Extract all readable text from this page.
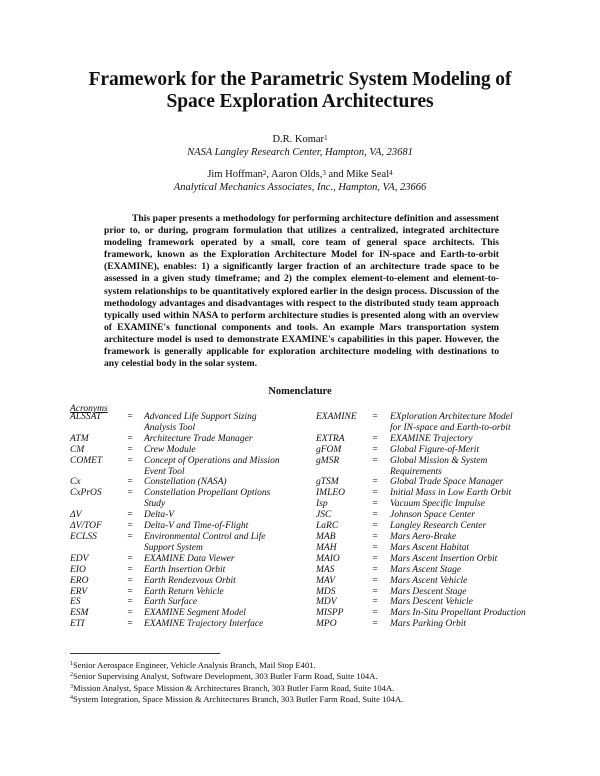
Framework for the Parametric System Modeling of
Space Exploration Architectures
D.R. Komar$^1$
NASA Langley Research Center, Hampton, VA, 23681
Jim Hoffman$^2$, Aaron Olds,$^3$ and Mike Seal$^4$
Analytical Mechanics Associates, Inc., Hampton, VA, 23666

This paper presents a methodology for performing architecture definition and assessment prior to, or during, program formulation that utilizes a centralized, integrated architecture modeling framework operated by a small, core team of general space architects. This framework, known as the Exploration Architecture Model for IN-space and Earth-to-orbit (EXAMINE), enables: 1) a significantly larger fraction of an architecture trade space to be assessed in a given study timeframe; and 2) the complex element-to-element and element-to-system relationships to be quantitatively explored earlier in the design process. Discussion of the methodology advantages and disadvantages with respect to the distributed study team approach typically used within NASA to perform architecture studies is presented along with an overview of EXAMINE's functional components and tools. An example Mars transportation system architecture model is used to demonstrate EXAMINE's capabilities in this paper. However, the framework is generally applicable for exploration architecture modeling with destinations to any celestial body in the solar system.

Nomenclature
Acronyms
ALSSAT	=	Advanced Life Support Sizing
Analysis Tool
ATM	=	Architecture Trade Manager
CM	=	Crew Module
COMET	=	Concept of Operations and Mission
Event Tool
Cx	=	Constellation (NASA)
CxPrOS	=	Constellation Propellant Options
Study
ΔV	=	Delta-V
ΔV/TOF	=	Delta-V and Time-of-Flight
ECLSS	=	Environmental Control and Life
Support System
EDV	=	EXAMINE Data Viewer
EIO	=	Earth Insertion Orbit
ERO	=	Earth Rendezvous Orbit
ERV	=	Earth Return Vehicle
ES	=	Earth Surface
ESM	=	EXAMINE Segment Model
ETI	=	EXAMINE Trajectory Interface
EXAMINE	=	EXploration Architecture Model
for IN-space and Earth-to-orbit
EXTRA	=	EXAMINE Trajectory
gFOM	=	Global Figure-of-Merit
gMSR	=	Global Mission & System
Requirements
gTSM	=	Global Trade Space Manager
IMLEO	=	Initial Mass in Low Earth Orbit
Isp	=	Vacuum Specific Impulse
JSC	=	Johnson Space Center
LaRC	=	Langley Research Center
MAB	=	Mars Aero-Brake
MAH	=	Mars Ascent Habitat
MAIO	=	Mars Ascent Insertion Orbit
MAS	=	Mars Ascent Stage
MAV	=	Mars Ascent Vehicle
MDS	=	Mars Descent Stage
MDV	=	Mars Descent Vehicle
MISPP	=	Mars In-Situ Propellant Production
MPO	=	Mars Parking Orbit
$^1$Senior Aerospace Engineer, Vehicle Analysis Branch, Mail Stop E401.
$^2$Senior Supervising Analyst, Software Development, 303 Butler Farm Road, Suite 104A.
$^3$Mission Analyst, Space Mission & Architectures Branch, 303 Butler Farm Road, Suite 104A.
$^4$System Integration, Space Mission & Architectures Branch, 303 Butler Farm Road, Suite 104A.
